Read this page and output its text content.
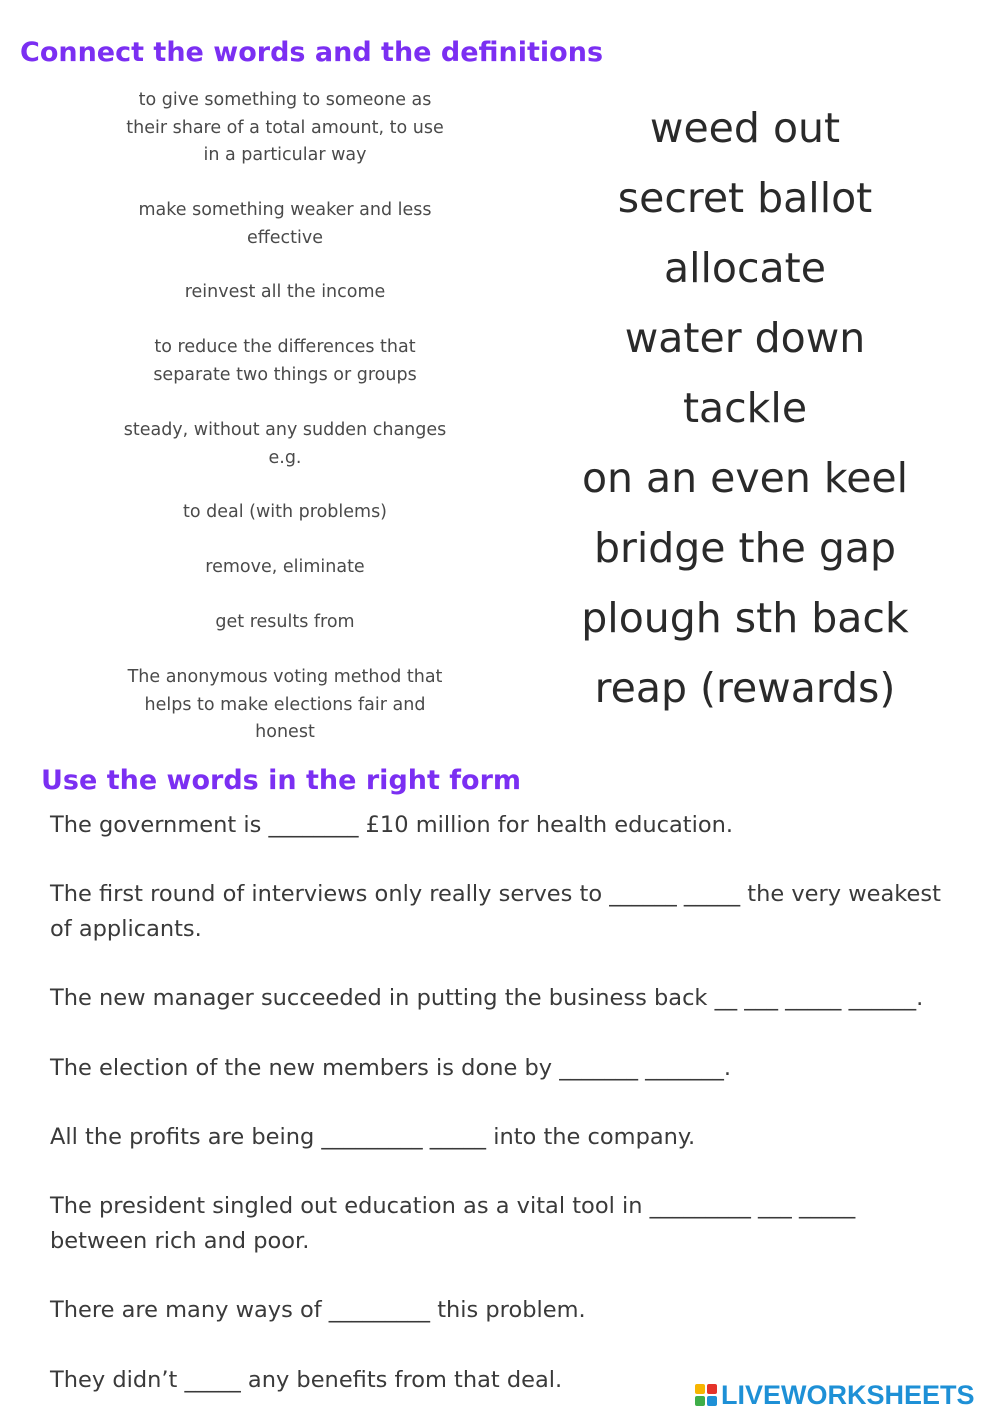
Connect the words and the definitions
to give something to someone as their share of a total amount, to use in a particular way
make something weaker and less effective
reinvest all the income
to reduce the differences that separate two things or groups
steady, without any sudden changes e.g.
to deal (with problems)
remove, eliminate
get results from
The anonymous voting method that helps to make elections fair and honest
weed out
secret ballot
allocate
water down
tackle
on an even keel
bridge the gap
plough sth back
reap (rewards)
Use the words in the right form
The government is ________ £10 million for health education.
The first round of interviews only really serves to ______ _____ the very weakest of applicants.
The new manager succeeded in putting the business back __ ___ _____ ______.
The election of the new members is done by _______ _______.
All the profits are being _________ _____ into the company.
The president singled out education as a vital tool in _________ ___ _____ between rich and poor.
There are many ways of _________ this problem.
They didn’t _____ any benefits from that deal.	LIVEWORKSHEETS
